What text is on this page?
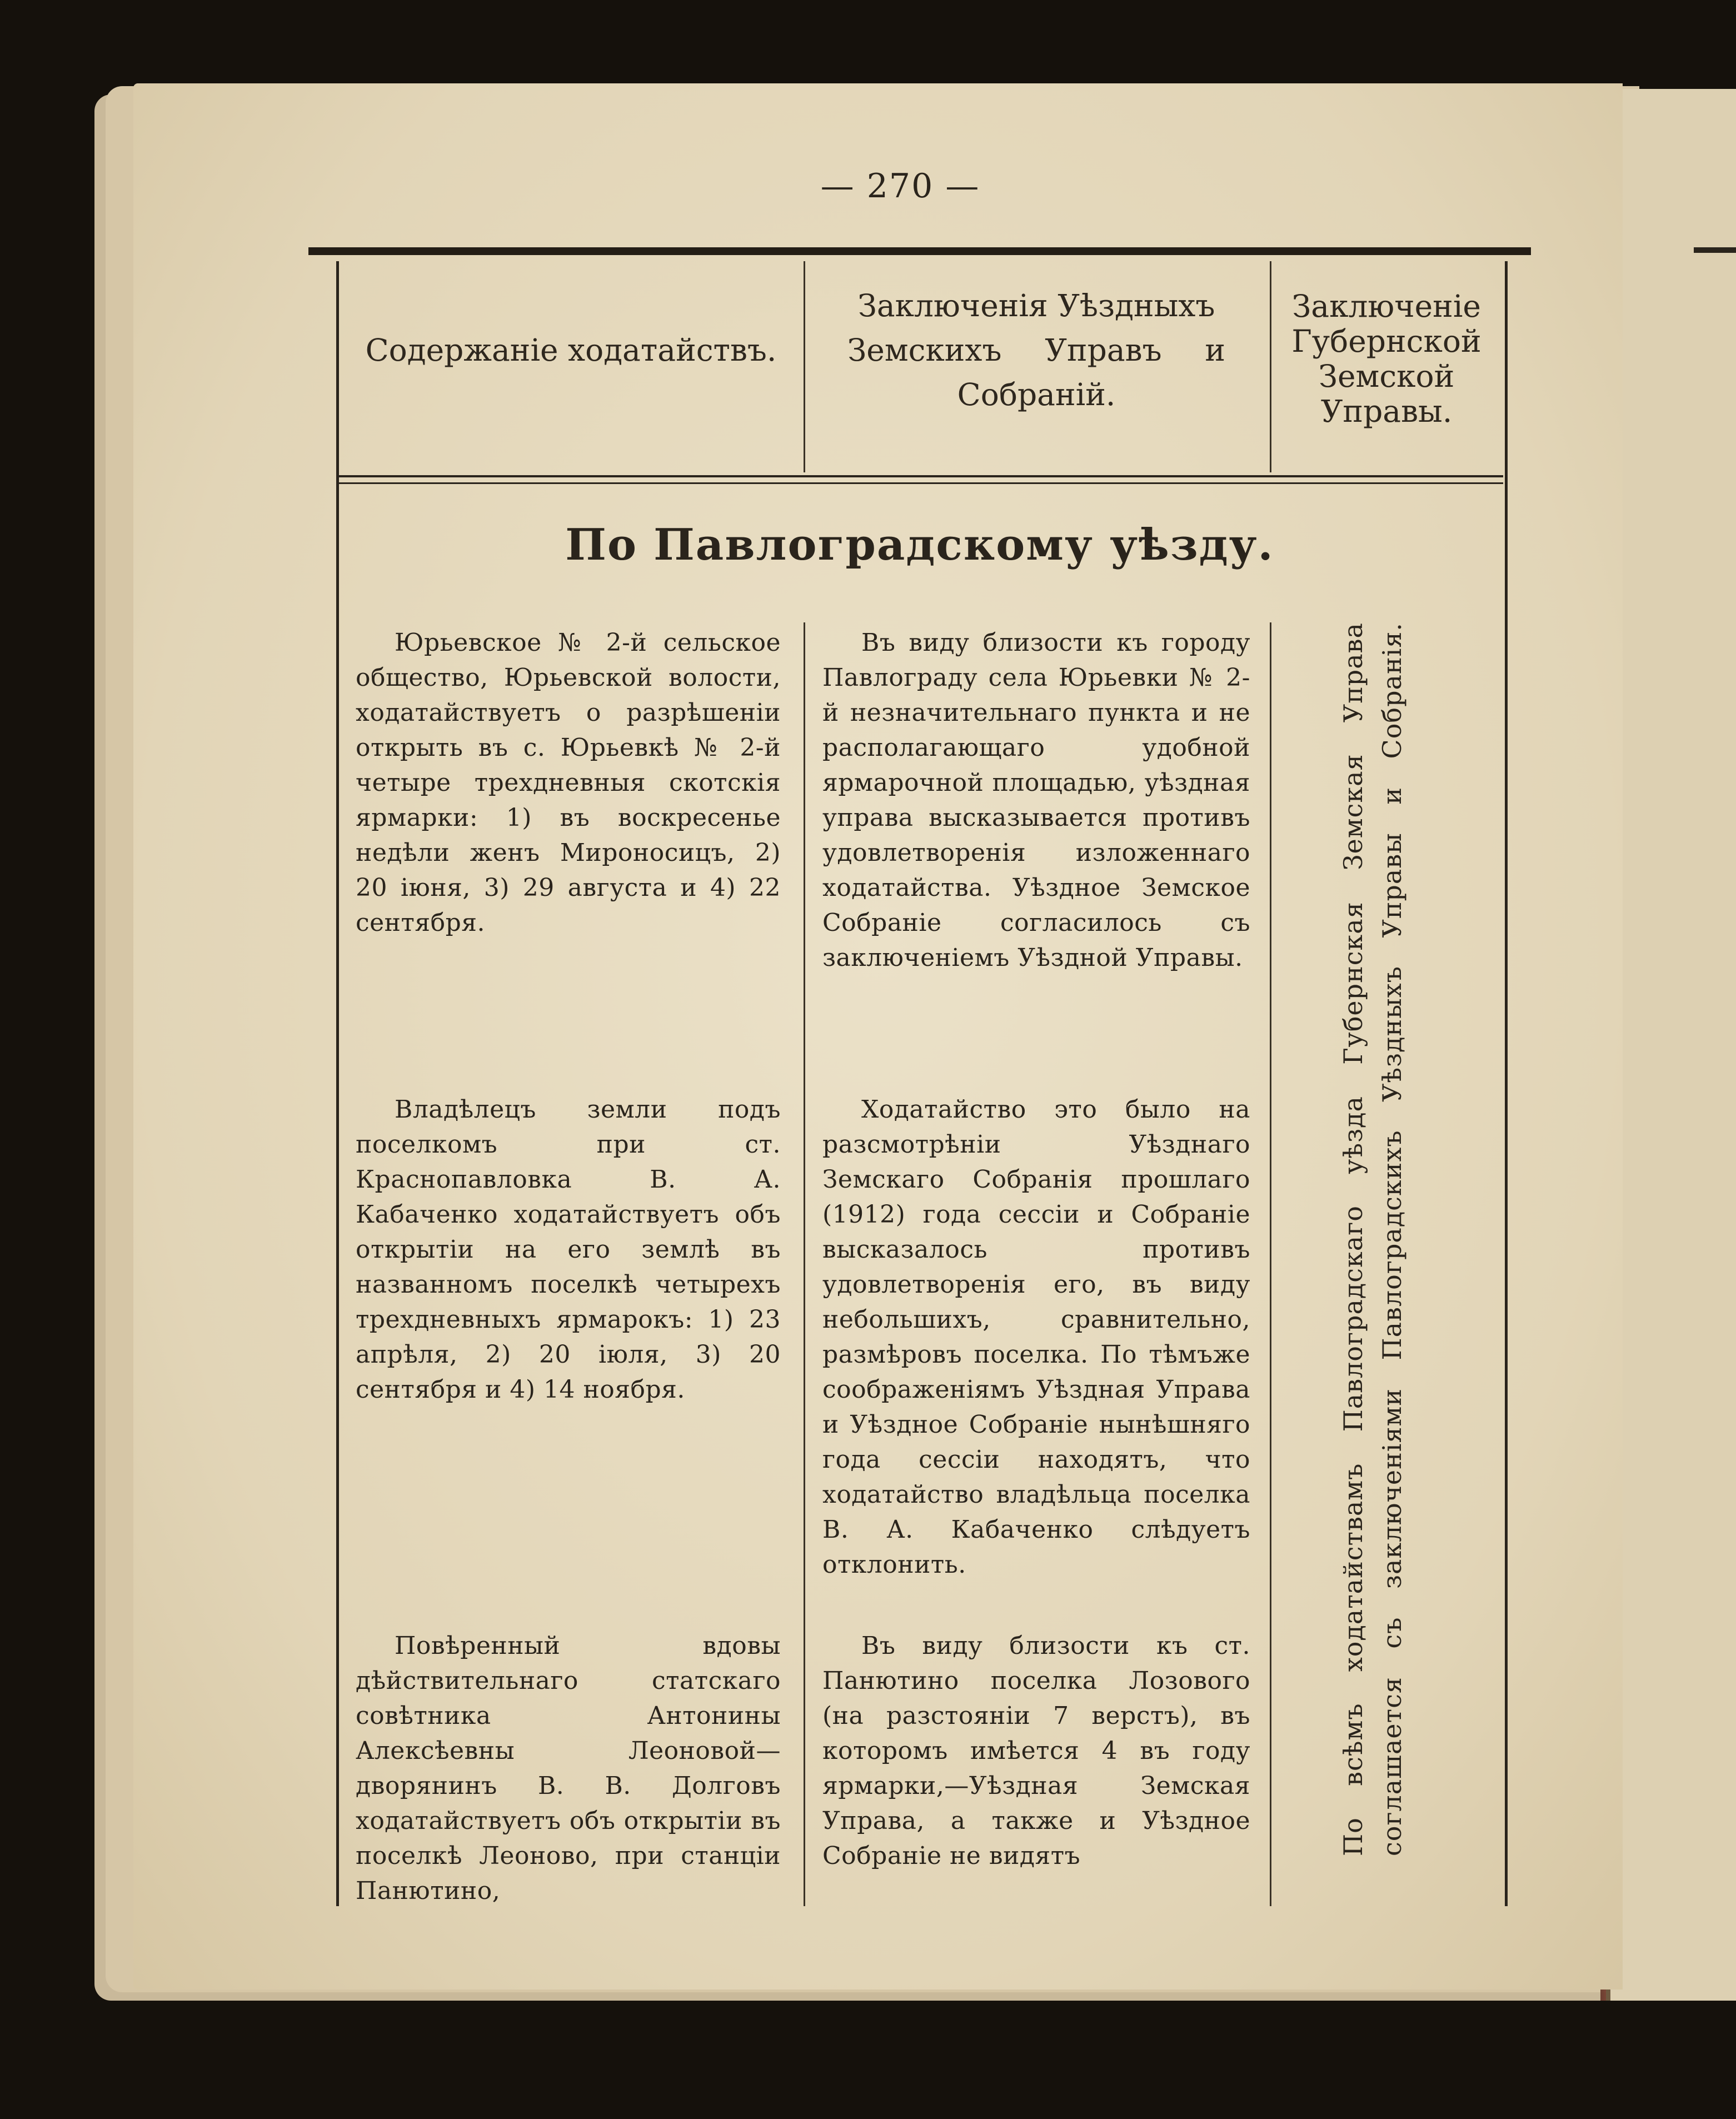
— 270 —
Содержаніе ходатайствъ.
Заключенія Уѣздныхъ
Земскихъ Управъ и
Собраній.
Заключеніе
Губернской
Земской
Управы.
По Павлоградскому уѣзду.
Юрьевское № 2-й сельское общество, Юрьевской волости, ходатайствуетъ о разрѣшеніи открыть въ с. Юрьевкѣ № 2-й четыре трехдневныя скотскія ярмарки: 1) въ воскресенье недѣли женъ Мироносицъ, 2) 20 іюня, 3) 29 августа и 4) 22 сентября.
Въ виду близости къ городу Павлограду села Юрьевки № 2-й незначительнаго пункта и не располагающаго удобной ярмарочной площадью, уѣздная управа высказывается противъ удовлетворенія изложеннаго ходатайства. Уѣздное Земское Собраніе согласилось съ заключеніемъ Уѣздной Управы.
Владѣлецъ земли подъ поселкомъ при ст. Краснопавловка В. А. Кабаченко ходатайствуетъ объ открытіи на его землѣ въ названномъ поселкѣ четырехъ трехдневныхъ ярмарокъ: 1) 23 апрѣля, 2) 20 іюля, 3) 20 сентября и 4) 14 ноября.
Ходатайство это было на разсмотрѣніи Уѣзднаго Земскаго Собранія прошлаго (1912) года сессіи и Собраніе высказалось противъ удовлетворенія его, въ виду небольшихъ, сравнительно, размѣровъ поселка. По тѣмъже соображеніямъ Уѣздная Управа и Уѣздное Собраніе нынѣшняго года сессіи находятъ, что ходатайство владѣльца поселка В. А. Кабаченко слѣдуетъ отклонить.
Повѣренный вдовы дѣйствительнаго статскаго совѣтника Антонины Алексѣевны Леоновой—дворянинъ В. В. Долговъ ходатайствуетъ объ открытіи въ поселкѣ Леоново, при станціи Панютино,
Въ виду близости къ ст. Панютино поселка Лозового (на разстояніи 7 верстъ), въ которомъ имѣется 4 въ году ярмарки,—Уѣздная Земская Управа, а также и Уѣздное Собраніе не видятъ	По всѣмъ ходатайствамъ Павлоградскаго уѣзда Губернская Земская Управа соглашается съ заключеніями Павлоградскихъ Уѣздныхъ Управы и Собранія.
